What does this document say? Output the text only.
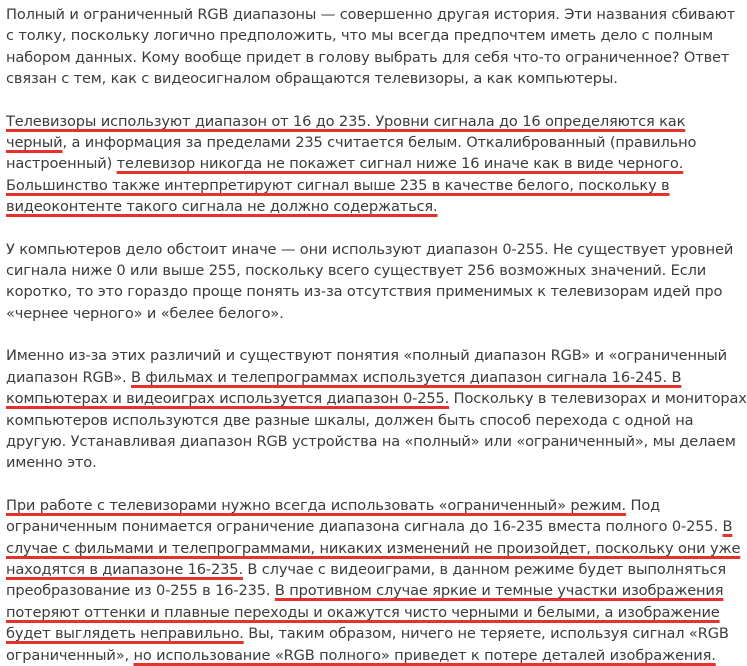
Полный и ограниченный RGB диапазоны — совершенно другая история. Эти названия сбивают
с толку, поскольку логично предположить, что мы всегда предпочтем иметь дело с полным
набором данных. Кому вообще придет в голову выбрать для себя что-то ограниченное? Ответ
связан с тем, как с видеосигналом обращаются телевизоры, а как компьютеры.

Телевизоры используют диапазон от 16 до 235. Уровни сигнала до 16 определяются как
черный, а информация за пределами 235 считается белым. Откалиброванный (правильно
настроенный) телевизор никогда не покажет сигнал ниже 16 иначе как в виде черного.
Большинство также интерпретируют сигнал выше 235 в качестве белого, поскольку в
видеоконтенте такого сигнала не должно содержаться.

У компьютеров дело обстоит иначе — они используют диапазон 0-255. Не существует уровней
сигнала ниже 0 или выше 255, поскольку всего существует 256 возможных значений. Если
коротко, то это гораздо проще понять из-за отсутствия применимых к телевизорам идей про
«чернее черного» и «белее белого».

Именно из-за этих различий и существуют понятия «полный диапазон RGB» и «ограниченный
диапазон RGB». В фильмах и телепрограммах используется диапазон сигнала 16-245. В
компьютерах и видеоиграх используется диапазон 0-255. Поскольку в телевизорах и мониторах
компьютеров используются две разные шкалы, должен быть способ перехода с одной на
другую. Устанавливая диапазон RGB устройства на «полный» или «ограниченный», мы делаем
именно это.

При работе с телевизорами нужно всегда использовать «ограниченный» режим. Под
ограниченным понимается ограничение диапазона сигнала до 16-235 вместа полного 0-255. В
случае с фильмами и телепрограммами, никаких изменений не произойдет, поскольку они уже
находятся в диапазоне 16-235. В случае с видеоиграми, в данном режиме будет выполняться
преобразование из 0-255 в 16-235. В противном случае яркие и темные участки изображения
потеряют оттенки и плавные переходы и окажутся чисто черными и белыми, а изображение
будет выглядеть неправильно. Вы, таким образом, ничего не теряете, используя сигнал «RGB
ограниченный», но использование «RGB полного» приведет к потере деталей изображения.
